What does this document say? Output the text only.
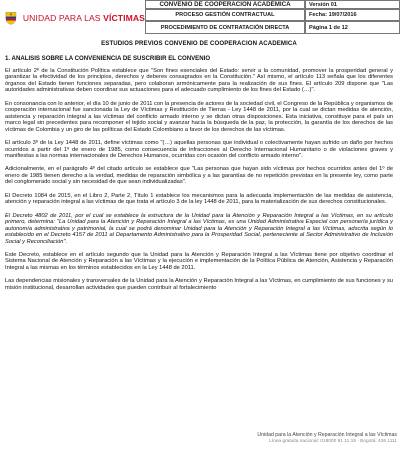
UNIDAD PARA LAS VÍCTIMAS
CONVENIO DE COOPERACIÓN ACADÉMICA
PROCESO GESTIÓN CONTRACTUAL
PROCEDIMIENTO DE CONTRATACIÓN DIRECTA
Versión 01
Fecha: 19/07/2016
Página 1 de 12
ESTUDIOS PREVIOS CONVENIO DE COOPERACION ACADEMICA
1. ANALISIS SOBRE LA CONVENIENCIA DE SUSCRIBIR EL CONVENIO

El artículo 2º de la Constitución Política establece que "Son fines esenciales del Estado: servir a la comunidad, promover la prosperidad general y garantizar la efectividad de los principios, derechos y deberes consagrados en la Constitución." Así mismo, el artículo 113 señala que los diferentes órganos del Estado tienen funciones separadas, pero colaboran armónicamente para la realización de sus fines. El artículo 209 dispone que "Las autoridades administrativas deben coordinar sus actuaciones para el adecuado cumplimiento de los fines del Estado (…)".

En consonancia con lo anterior, el día 10 de junio de 2011 con la presencia de actores de la sociedad civil, el Congreso de la República y organismos de cooperación internacional fue sancionada la Ley de Víctimas y Restitución de Tierras - Ley 1448 de 2011, por la cual se dictan medidas de atención, asistencia y reparación integral a las víctimas del conflicto armado interno y se dictan otras disposiciones. Esta iniciativa, constituye para el país un marco legal sin precedentes para recomponer el tejido social y avanzar hacia la búsqueda de la paz, la protección, la garantía de los derechos de las víctimas de Colombia y un giro de las políticas del Estado Colombiano a favor de los derechos de las víctimas.

El artículo 3º de la Ley 1448 de 2011, define víctimas como "(…) aquellas personas que individual o colectivamente hayan sufrido un daño por hechos ocurridos a partir del 1º de enero de 1985, como consecuencia de infracciones al Derecho Internacional Humanitario o de violaciones graves y manifiestas a las normas internacionales de Derechos Humanos, ocurridas con ocasión del conflicto armado interno".

Adicionalmente, en el parágrafo 4º del citado artículo se establece que "Las personas que hayan sido víctimas por hechos ocurridos antes del 1º de enero de 1985 tienen derecho a la verdad, medidas de reparación simbólica y a las garantías de no repetición previstas en la presente ley, como parte del conglomerado social y sin necesidad de que sean individualizadas".

El Decreto 1084 de 2015, en el Libro 2, Parte 2, Título 1 establece los mecanismos para la adecuada implementación de las medidas de asistencia, atención y reparación integral a las víctimas de que trata el artículo 3 de la ley 1448 de 2011, para la materialización de sus derechos constitucionales.

El Decreto 4802 de 2011, por el cual se establece la estructura de la Unidad para la Atención y Reparación Integral a las Víctimas, en su artículo primero, determina: "La Unidad para la Atención y Reparación Integral a las Víctimas, es una Unidad Administrativa Especial con personería jurídica y autonomía administrativa y patrimonial, la cual se podrá denominar Unidad para la Atención y Reparación Integral a las Víctimas, adscrita según lo establecido en el Decreto 4157 de 2011 al Departamento Administrativo para la Prosperidad Social, perteneciente al Sector Administrativo de Inclusión Social y Reconciliación".

Este Decreto, establece en el artículo segundo que la Unidad para la Atención y Reparación Integral a las Víctimas tiene por objetivo coordinar el Sistema Nacional de Atención y Reparación a las Víctimas y la ejecución e implementación de la Política Pública de Atención, Asistencia y Reparación Integral a las mismas en los términos establecidos en la Ley 1448 de 2011.

Las dependencias misionales y transversales de la Unidad para la Atención y Reparación Integral a las Víctimas, en cumplimiento de sus funciones y su misión institucional, desarrollan actividades que pueden contribuir al fortalecimiento

Unidad para la Atención y Reparación Integral a las Víctimas
Línea gratuita nacional: 018000 91 11 19 · Bogotá: 426 1111
